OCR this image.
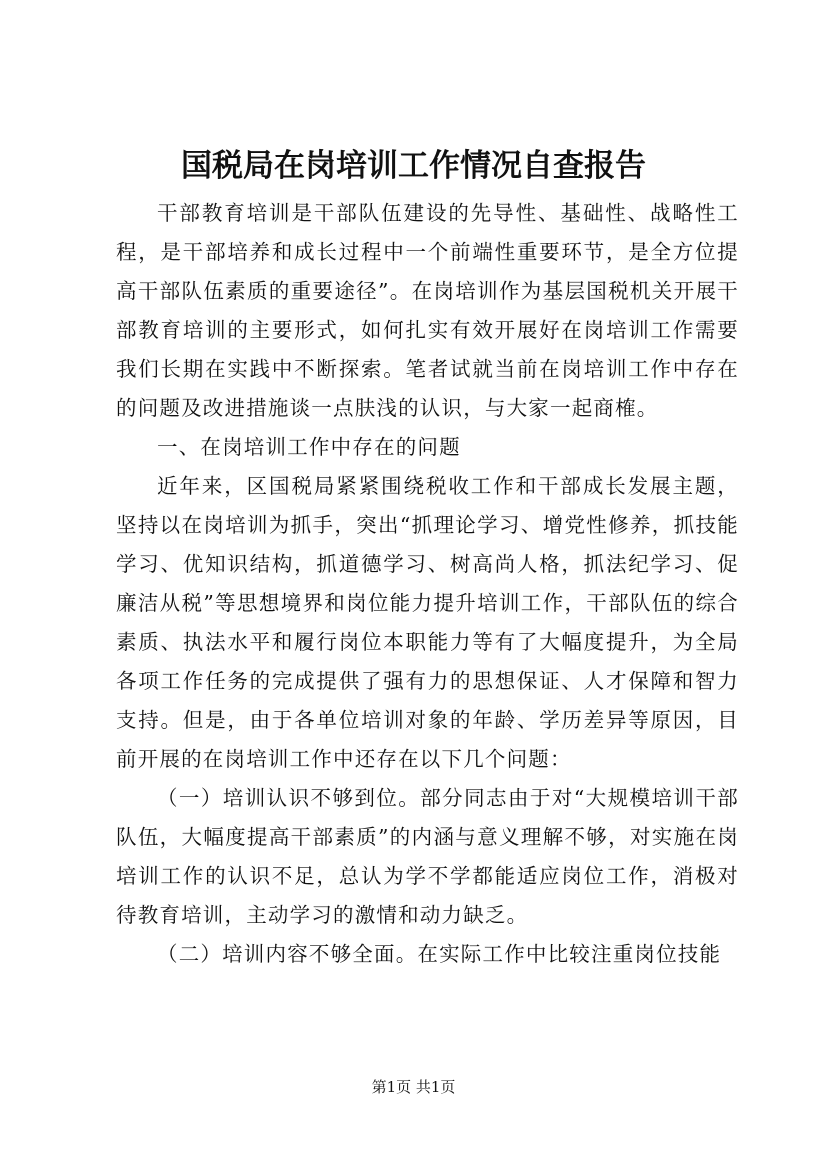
国税局在岗培训工作情况自查报告

干部教育培训是干部队伍建设的先导性、基础性、战略性工程，是干部培养和成长过程中一个前端性重要环节，是全方位提高干部队伍素质的重要途径”。在岗培训作为基层国税机关开展干部教育培训的主要形式，如何扎实有效开展好在岗培训工作需要我们长期在实践中不断探索。笔者试就当前在岗培训工作中存在的问题及改进措施谈一点肤浅的认识，与大家一起商榷。

一、在岗培训工作中存在的问题

近年来，区国税局紧紧围绕税收工作和干部成长发展主题，坚持以在岗培训为抓手，突出“抓理论学习、增党性修养，抓技能学习、优知识结构，抓道德学习、树高尚人格，抓法纪学习、促廉洁从税”等思想境界和岗位能力提升培训工作，干部队伍的综合素质、执法水平和履行岗位本职能力等有了大幅度提升，为全局各项工作任务的完成提供了强有力的思想保证、人才保障和智力支持。但是，由于各单位培训对象的年龄、学历差异等原因，目前开展的在岗培训工作中还存在以下几个问题：

（一）培训认识不够到位。部分同志由于对“大规模培训干部队伍，大幅度提高干部素质”的内涵与意义理解不够，对实施在岗培训工作的认识不足，总认为学不学都能适应岗位工作，消极对待教育培训，主动学习的激情和动力缺乏。

（二）培训内容不够全面。在实际工作中比较注重岗位技能

第1页 共1页
